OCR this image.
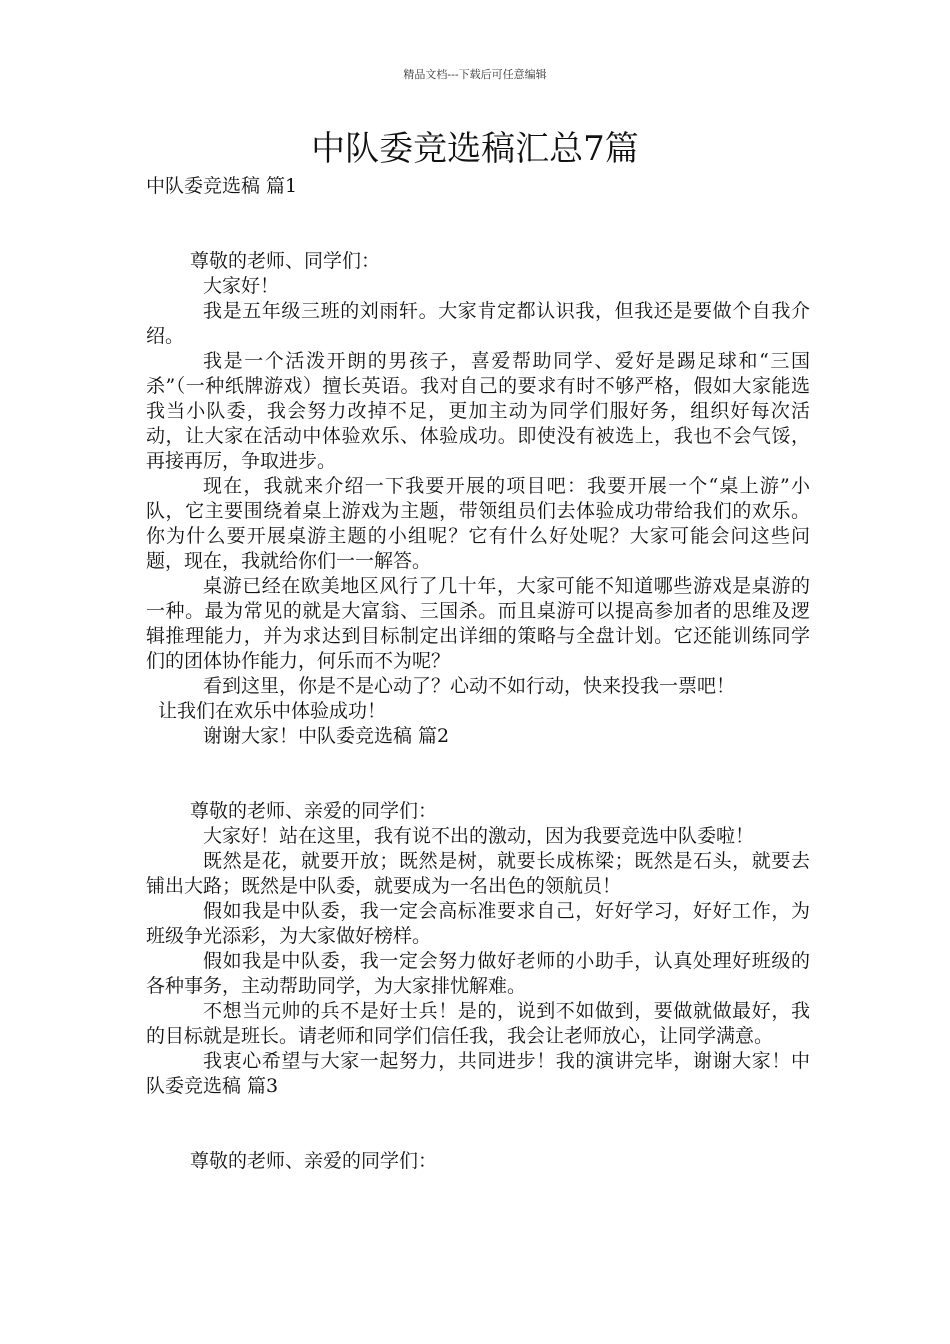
精品文档---下载后可任意编辑
中队委竞选稿汇总7篇

中队委竞选稿 篇1

尊敬的老师、同学们：

大家好！

我是五年级三班的刘雨轩。大家肯定都认识我，但我还是要做个自我介绍。

我是一个活泼开朗的男孩子，喜爱帮助同学、爱好是踢足球和“三国杀”（一种纸牌游戏）擅长英语。我对自己的要求有时不够严格，假如大家能选我当小队委，我会努力改掉不足，更加主动为同学们服好务，组织好每次活动，让大家在活动中体验欢乐、体验成功。即使没有被选上，我也不会气馁，再接再厉，争取进步。

现在，我就来介绍一下我要开展的项目吧：我要开展一个“桌上游”小队，它主要围绕着桌上游戏为主题，带领组员们去体验成功带给我们的欢乐。你为什么要开展桌游主题的小组呢？它有什么好处呢？大家可能会问这些问题，现在，我就给你们一一解答。

桌游已经在欧美地区风行了几十年，大家可能不知道哪些游戏是桌游的一种。最为常见的就是大富翁、三国杀。而且桌游可以提高参加者的思维及逻辑推理能力，并为求达到目标制定出详细的策略与全盘计划。它还能训练同学们的团体协作能力，何乐而不为呢？

看到这里，你是不是心动了？心动不如行动，快来投我一票吧！

让我们在欢乐中体验成功！

谢谢大家！中队委竞选稿 篇2

尊敬的老师、亲爱的同学们：

大家好！站在这里，我有说不出的激动，因为我要竞选中队委啦！

既然是花，就要开放；既然是树，就要长成栋梁；既然是石头，就要去铺出大路；既然是中队委，就要成为一名出色的领航员！

假如我是中队委，我一定会高标准要求自己，好好学习，好好工作，为班级争光添彩，为大家做好榜样。

假如我是中队委，我一定会努力做好老师的小助手，认真处理好班级的各种事务，主动帮助同学，为大家排忧解难。

不想当元帅的兵不是好士兵！是的，说到不如做到，要做就做最好，我的目标就是班长。请老师和同学们信任我，我会让老师放心，让同学满意。

我衷心希望与大家一起努力，共同进步！我的演讲完毕，谢谢大家！中队委竞选稿 篇3

尊敬的老师、亲爱的同学们：
